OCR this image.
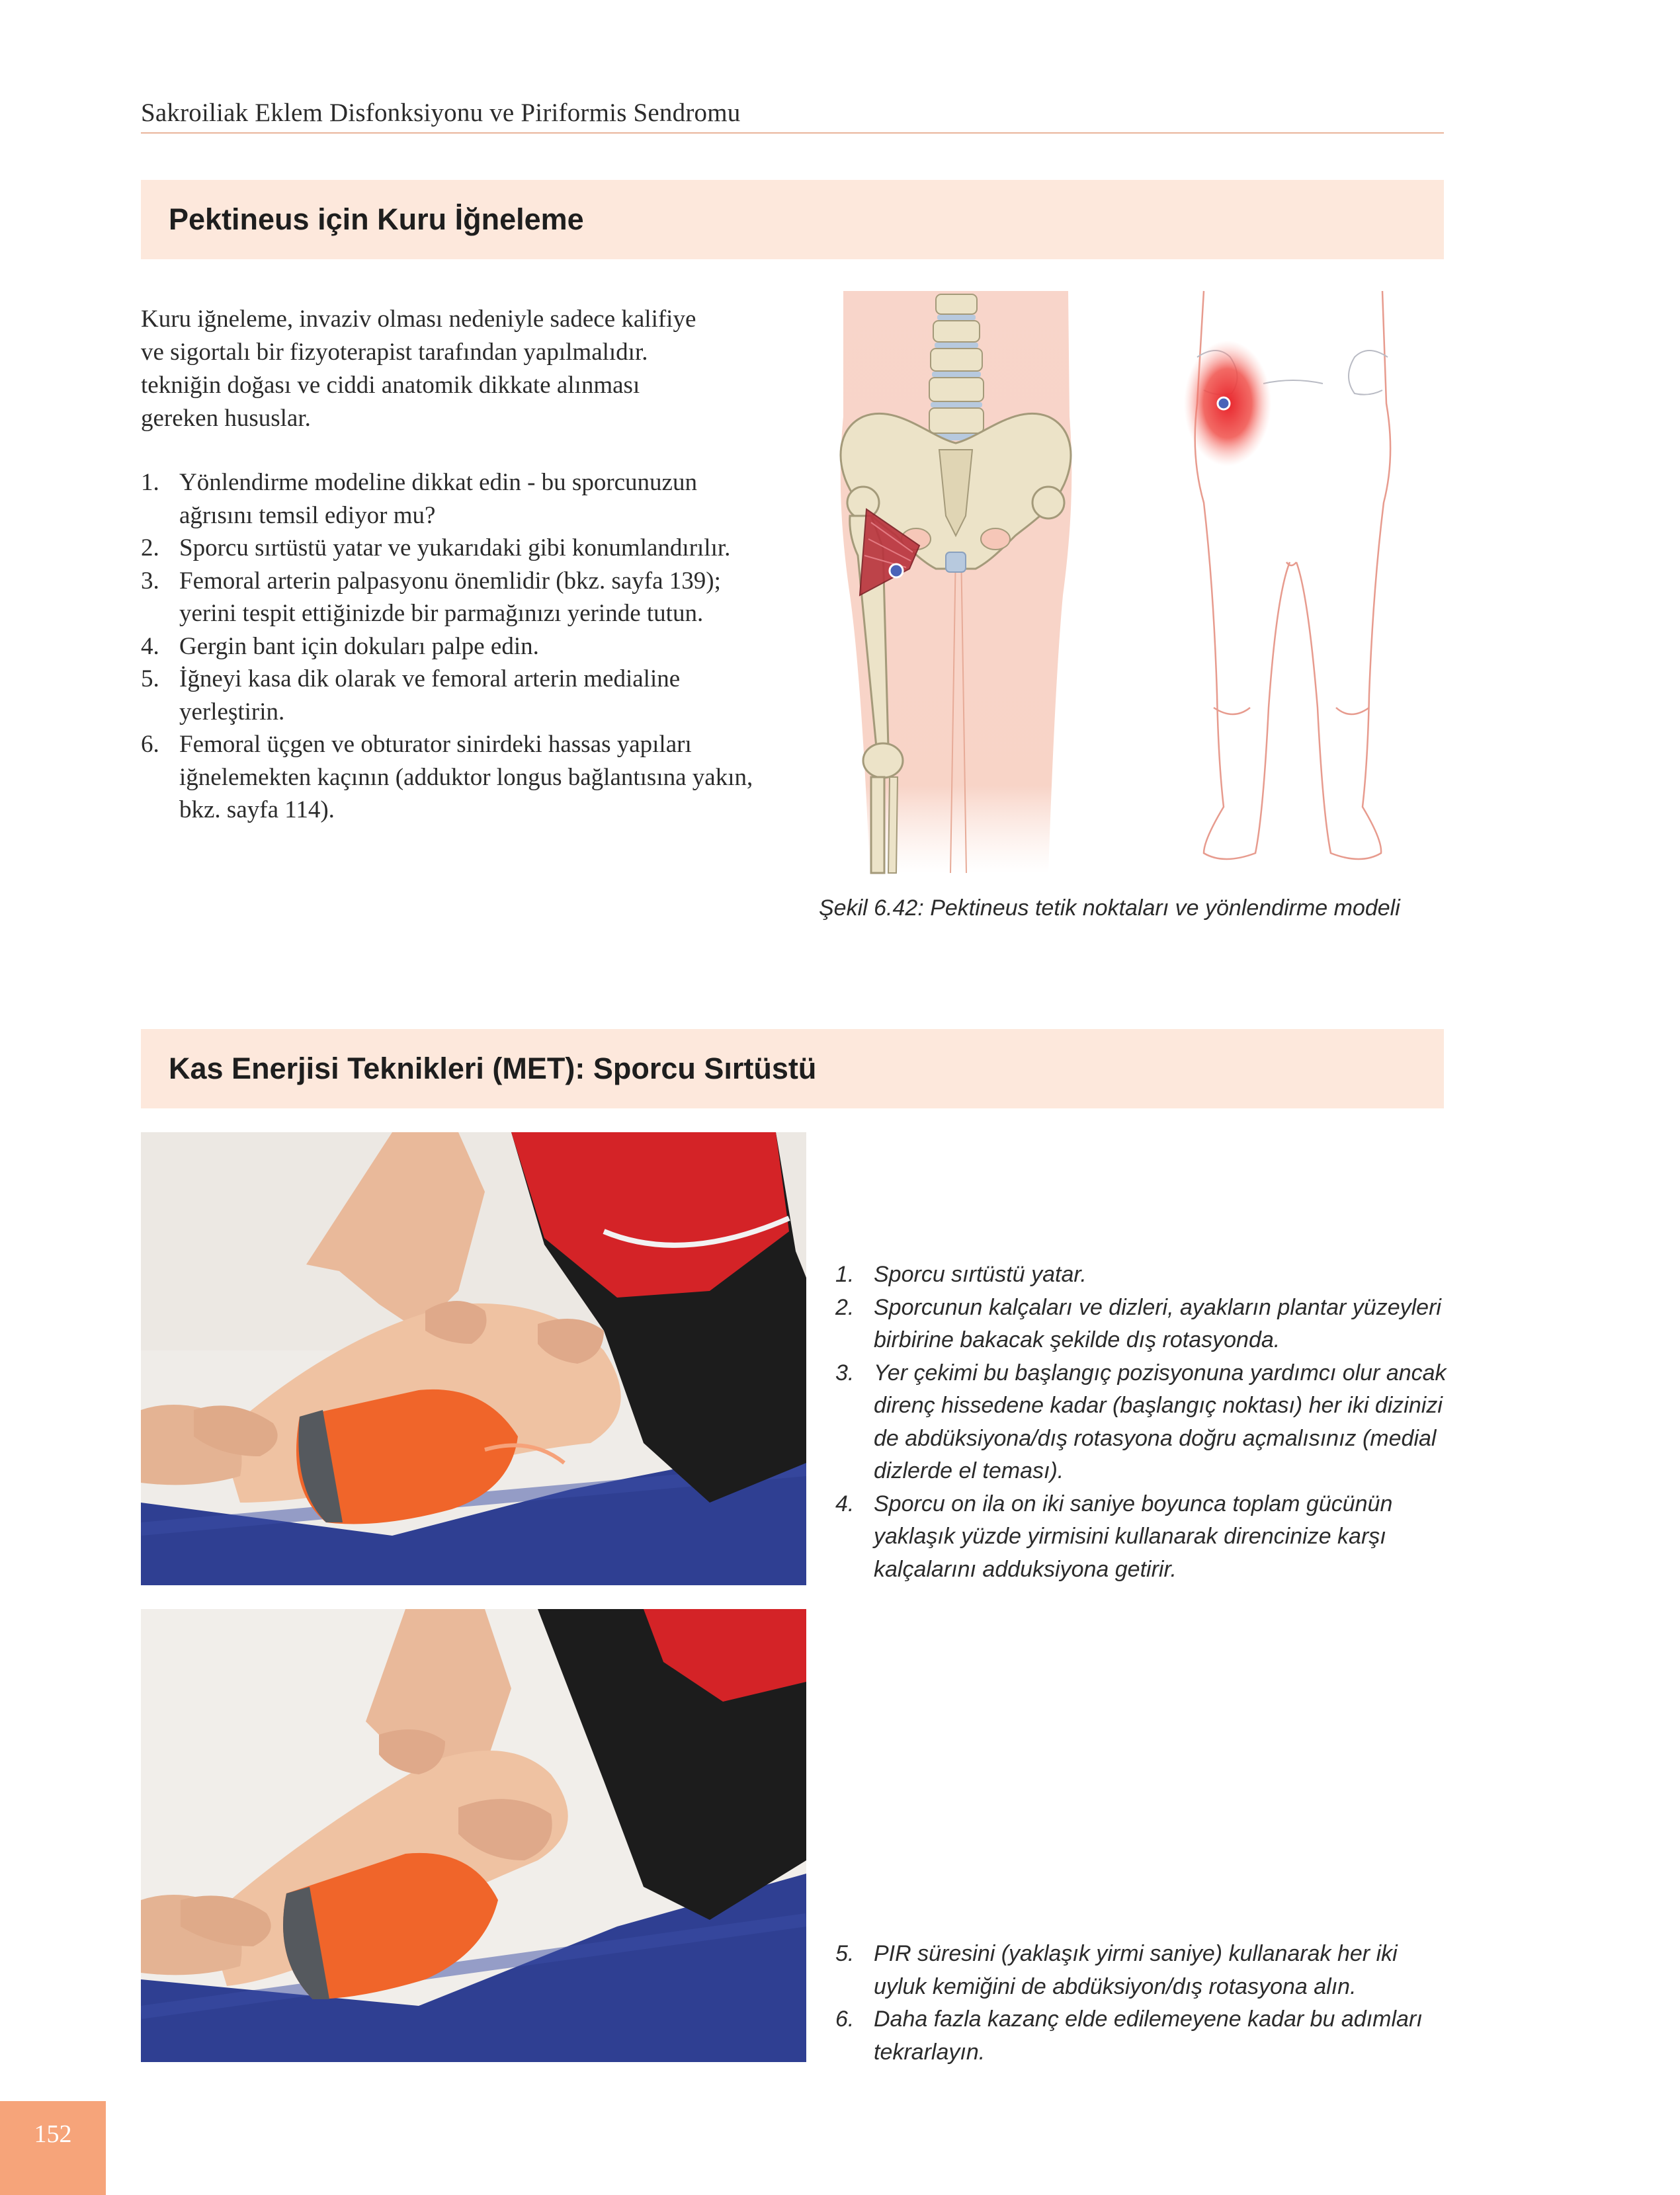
Sakroiliak Eklem Disfonksiyonu ve Piriformis Sendromu
Pektineus için Kuru İğneleme

Kuru iğneleme, invaziv olması nedeniyle sadece kalifiye

ve sigortalı bir fizyoterapist tarafından yapılmalıdır.

tekniğin doğası ve ciddi anatomik dikkate alınması

gereken hususlar.

1. Yönlendirme modeline dikkat edin - bu sporcunuzun ağrısını temsil ediyor mu?
2. Sporcu sırtüstü yatar ve yukarıdaki gibi konumlandırılır.
3. Femoral arterin palpasyonu önemlidir (bkz. sayfa 139); yerini tespit ettiğinizde bir parmağınızı yerinde tutun.
4. Gergin bant için dokuları palpe edin.
5. İğneyi kasa dik olarak ve femoral arterin medialine yerleştirin.
6. Femoral üçgen ve obturator sinirdeki hassas yapıları iğnelemekten kaçının (adduktor longus bağlantısına yakın, bkz. sayfa 114).
Şekil 6.42: Pektineus tetik noktaları ve yönlendirme modeli
Kas Enerjisi Teknikleri (MET): Sporcu Sırtüstü
1. Sporcu sırtüstü yatar.
2. Sporcunun kalçaları ve dizleri, ayakların plantar yüzeyleri birbirine bakacak şekilde dış rotasyonda.
3. Yer çekimi bu başlangıç pozisyonuna yardımcı olur ancak direnç hissedene kadar (başlangıç noktası) her iki dizinizi de abdüksiyona/dış rotasyona doğru açmalısınız (medial dizlerde el teması).
4. Sporcu on ila on iki saniye boyunca toplam gücünün yaklaşık yüzde yirmisini kullanarak direncinize karşı kalçalarını adduksiyona getirir.
5. PIR süresini (yaklaşık yirmi saniye) kullanarak her iki uyluk kemiğini de abdüksiyon/dış rotasyona alın.
6. Daha fazla kazanç elde edilemeyene kadar bu adımları tekrarlayın.
152
